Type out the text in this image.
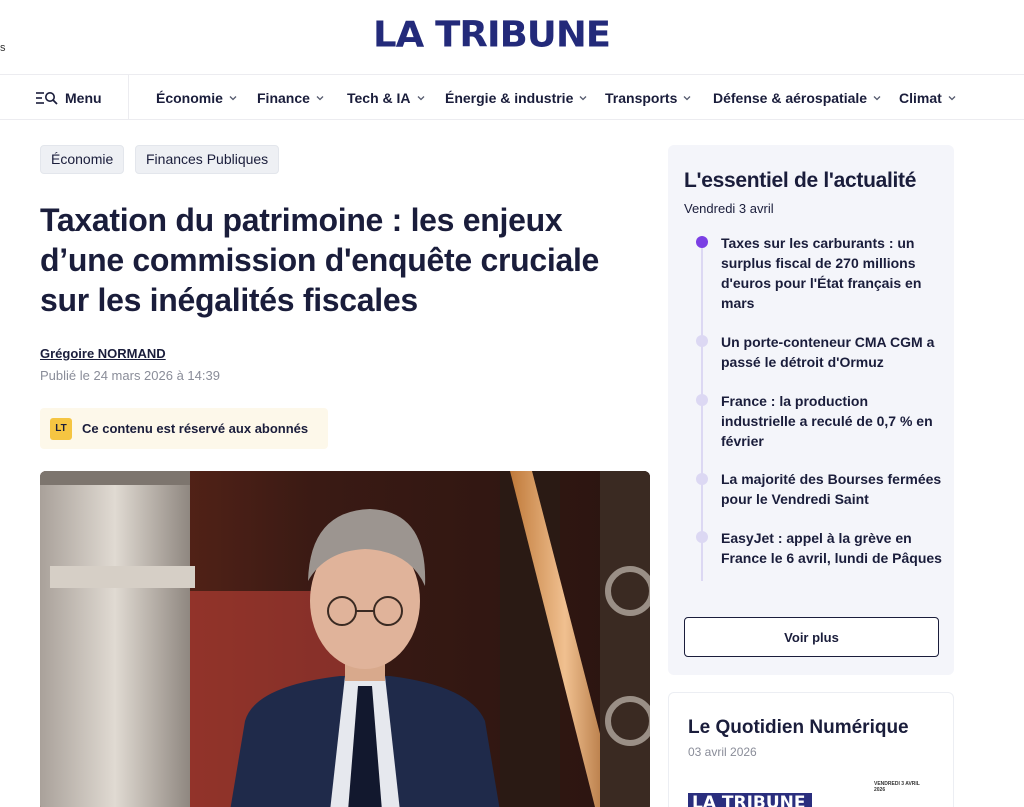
s	LA TRIBUNE
Menu	Économie Finance	Tech & IA Énergie & industrie Transports	Défense & aérospatiale Climat
Économie	Finances Publiques
Taxation du patrimoine : les enjeux d’une commission d'enquête cruciale sur les inégalités fiscales
Grégoire NORMAND
Publié le 24 mars 2026 à 14:39
LT	Ce contenu est réservé aux abonnés
L'essentiel de l'actualité
Vendredi 3 avril
Taxes sur les carburants : un surplus fiscal de 270 millions d'euros pour l'État français en mars
Un porte-conteneur CMA CGM a passé le détroit d'Ormuz
France : la production industrielle a reculé de 0,7 % en février
La majorité des Bourses fermées pour le Vendredi Saint
EasyJet : appel à la grève en France le 6 avril, lundi de Pâques
Voir plus
Le Quotidien Numérique
03 avril 2026
LA TRIBUNE
VENDREDI 3 AVRIL 2026
